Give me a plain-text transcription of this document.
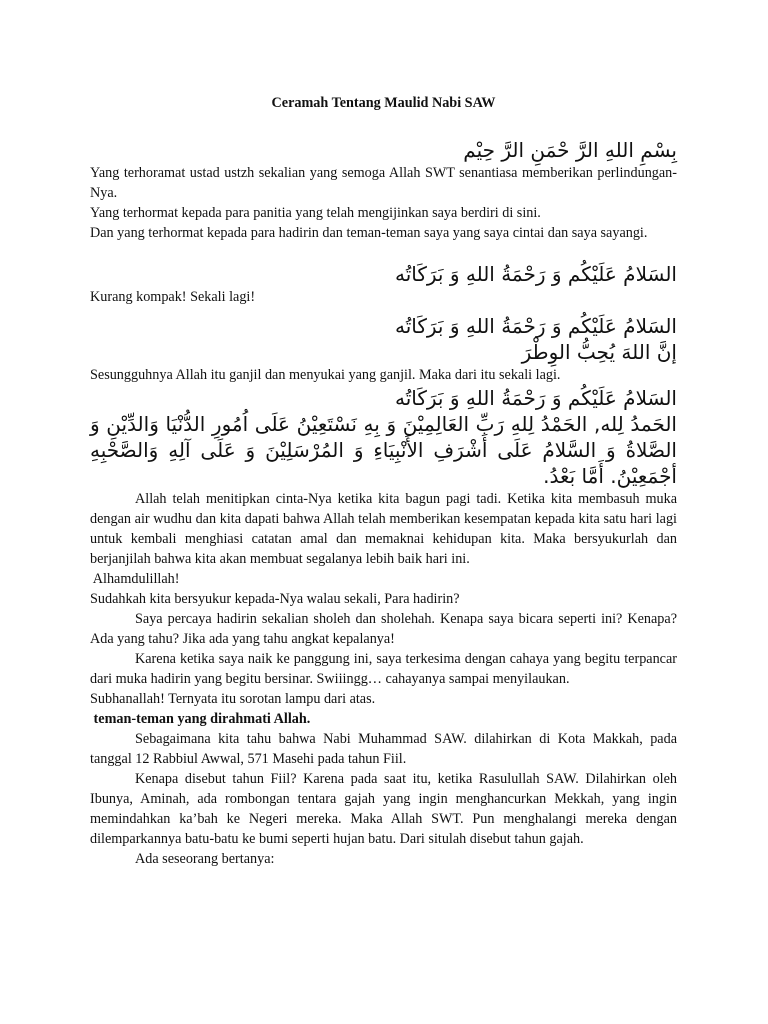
Ceramah Tentang Maulid Nabi SAW
بِسْمِ اللهِ الرَّ حْمَنِ الرَّ حِيْم
Yang terhoramat ustad ustzh sekalian yang semoga Allah SWT senantiasa memberikan perlindungan-Nya.
Yang terhormat kepada para panitia yang telah mengijinkan saya berdiri di sini.
Dan yang terhormat kepada para hadirin dan teman-teman saya yang saya cintai dan saya sayangi.
السَلامُ عَلَيْكُم وَ رَحْمَةُ اللهِ وَ بَرَكَاتُه
Kurang kompak! Sekali lagi!
السَلامُ عَلَيْكُم وَ رَحْمَةُ اللهِ وَ بَرَكَاتُه
إنَّ اللهَ يُحِبُّ الوِطْرَ
Sesungguhnya Allah itu ganjil dan menyukai yang ganjil. Maka dari itu sekali lagi.
السَلامُ عَلَيْكُم وَ رَحْمَةُ اللهِ وَ بَرَكَاتُه
الحَمدُ لِله, الحَمْدُ لِلهِ رَبِّ العَالِمِيْنَ وَ بِهِ نَسْتَعِيْنُ عَلَى اُمُورِ الدُّنْيَا وَالدِّيْنِ وَ الصَّلاةُ وَ السَّلامُ عَلَى أَشْرَفِ الأَنْبِيَاءِ وَ المُرْسَلِيْنَ وَ عَلَى آلِهِ وَالصَّحْبِهِ أجْمَعِيْنُ. أَمَّا بَعْدُ.
Allah telah menitipkan cinta-Nya ketika kita bagun pagi tadi. Ketika kita membasuh muka dengan air wudhu dan kita dapati bahwa Allah telah memberikan kesempatan kepada kita satu hari lagi untuk kembali menghiasi catatan amal dan memaknai kehidupan kita. Maka bersyukurlah dan berjanjilah bahwa kita akan membuat segalanya lebih baik hari ini.
Alhamdulillah!
Sudahkah kita bersyukur kepada-Nya walau sekali, Para hadirin?
Saya percaya hadirin sekalian sholeh dan sholehah. Kenapa saya bicara seperti ini? Kenapa? Ada yang tahu? Jika ada yang tahu angkat kepalanya!
Karena ketika saya naik ke panggung ini, saya terkesima dengan cahaya yang begitu terpancar dari muka hadirin yang begitu bersinar. Swiiingg… cahayanya sampai menyilaukan.
Subhanallah! Ternyata itu sorotan lampu dari atas.
teman-teman yang dirahmati Allah.
Sebagaimana kita tahu bahwa Nabi Muhammad SAW. dilahirkan di Kota Makkah, pada tanggal 12 Rabbiul Awwal, 571 Masehi pada tahun Fiil.
Kenapa disebut tahun Fiil? Karena pada saat itu, ketika Rasulullah SAW. Dilahirkan oleh Ibunya, Aminah, ada rombongan tentara gajah yang ingin menghancurkan Mekkah, yang ingin memindahkan ka’bah ke Negeri mereka. Maka Allah SWT. Pun menghalangi mereka dengan dilemparkannya batu-batu ke bumi seperti hujan batu. Dari situlah disebut tahun gajah.
Ada seseorang bertanya:
